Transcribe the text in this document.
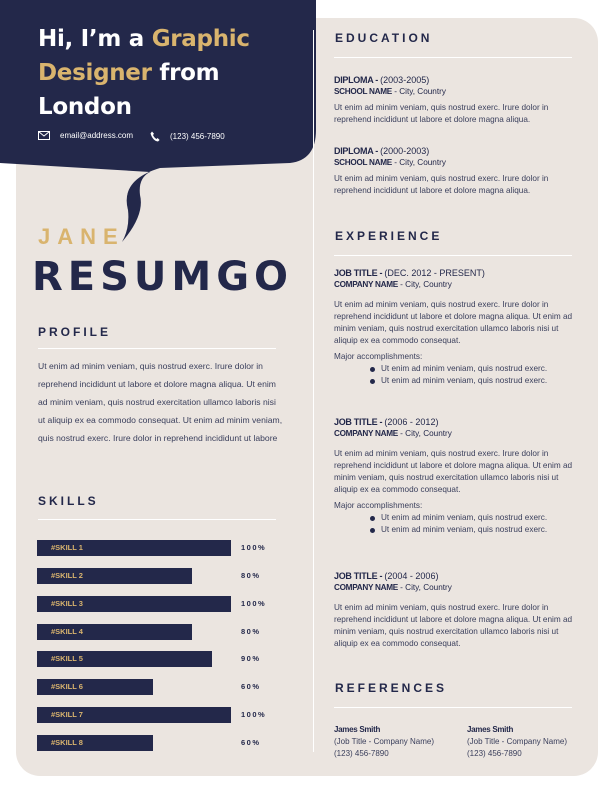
Hi, I’m a Graphic
Designer from
London
email@address.com	(123) 456-7890
JANE
RESUMGO
PROFILE
Ut enim ad minim veniam, quis nostrud exerc. Irure dolor in reprehend incididunt ut labore et dolore magna aliqua. Ut enim ad minim veniam, quis nostrud exercitation ullamco laboris nisi ut aliquip ex ea commodo consequat. Ut enim ad minim veniam, quis nostrud exerc. Irure dolor in reprehend incididunt ut labore
SKILLS
#SKILL 1	100%
#SKILL 2	80%
#SKILL 3	100%
#SKILL 4	80%
#SKILL 5	90%
#SKILL 6	60%
#SKILL 7	100%
#SKILL 8	60%
EDUCATION
DIPLOMA - (2003-2005)
SCHOOL NAME - City, Country
Ut enim ad minim veniam, quis nostrud exerc. Irure dolor in reprehend incididunt ut labore et dolore magna aliqua.
DIPLOMA - (2000-2003)
SCHOOL NAME - City, Country
Ut enim ad minim veniam, quis nostrud exerc. Irure dolor in reprehend incididunt ut labore et dolore magna aliqua.
EXPERIENCE
JOB TITLE - (DEC. 2012 - PRESENT)
COMPANY NAME - City, Country
Ut enim ad minim veniam, quis nostrud exerc. Irure dolor in reprehend incididunt ut labore et dolore magna aliqua. Ut enim ad minim veniam, quis nostrud exercitation ullamco laboris nisi ut aliquip ex ea commodo consequat.
Major accomplishments:
Ut enim ad minim veniam, quis nostrud exerc.
Ut enim ad minim veniam, quis nostrud exerc.
JOB TITLE - (2006 - 2012)
COMPANY NAME - City, Country
Ut enim ad minim veniam, quis nostrud exerc. Irure dolor in reprehend incididunt ut labore et dolore magna aliqua. Ut enim ad minim veniam, quis nostrud exercitation ullamco laboris nisi ut aliquip ex ea commodo consequat.
Major accomplishments:
Ut enim ad minim veniam, quis nostrud exerc.
Ut enim ad minim veniam, quis nostrud exerc.
JOB TITLE - (2004 - 2006)
COMPANY NAME - City, Country
Ut enim ad minim veniam, quis nostrud exerc. Irure dolor in reprehend incididunt ut labore et dolore magna aliqua. Ut enim ad minim veniam, quis nostrud exercitation ullamco laboris nisi ut aliquip ex ea commodo consequat.
REFERENCES
James Smith
(Job Title - Company Name)
(123) 456-7890
James Smith
(Job Title - Company Name)
(123) 456-7890
